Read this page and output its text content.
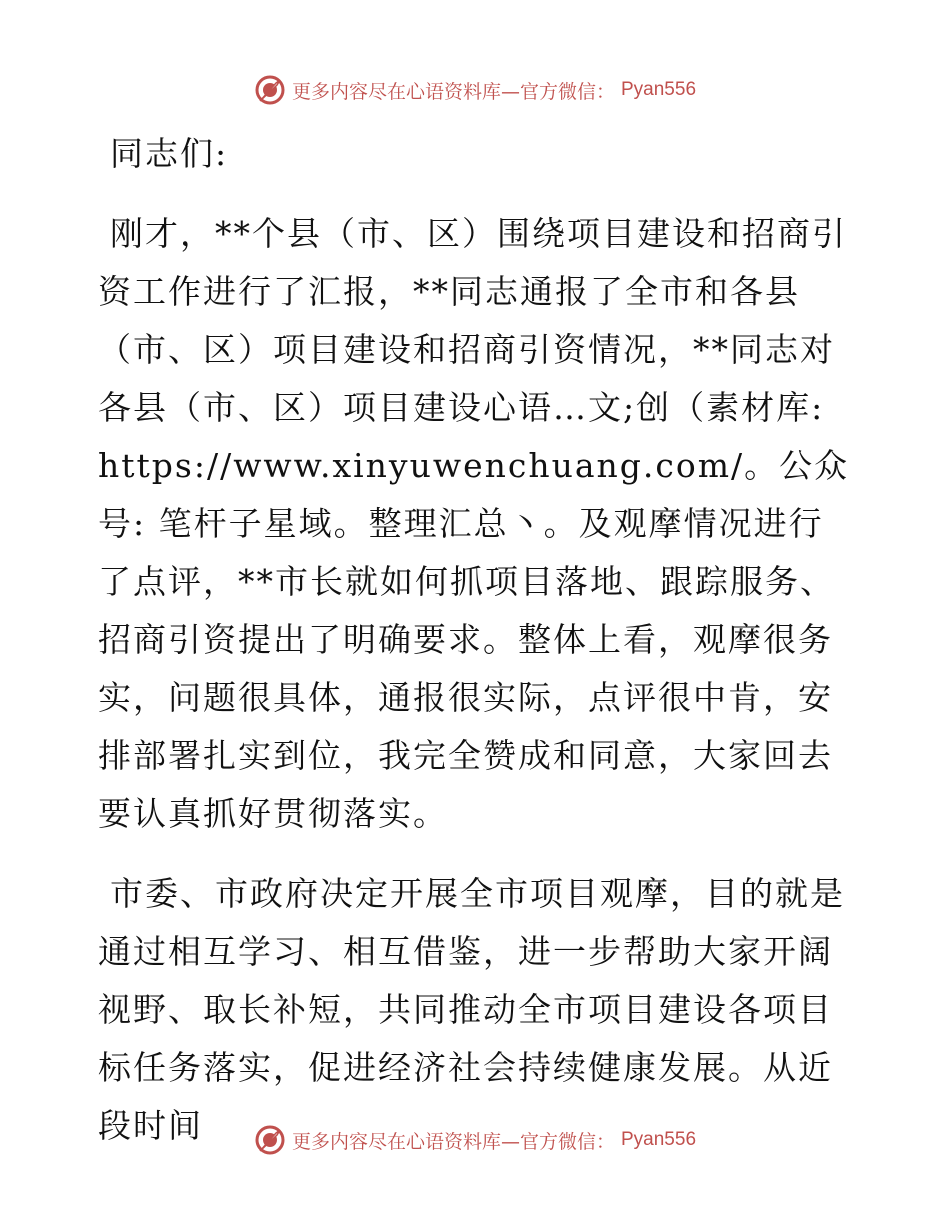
更多内容尽在心语资料库—官方微信： Pyan556

同志们:

刚才，**个县（市、区）围绕项目建设和招商引资工作进行了汇报，**同志通报了全市和各县（市、区）项目建设和招商引资情况，**同志对各县（市、区）项目建设心语…文;创（素材库: https://www.xinyuwenchuang.com/。公众号: 笔杆子星域。整理汇总丶。及观摩情况进行了点评，**市长就如何抓项目落地、跟踪服务、招商引资提出了明确要求。整体上看，观摩很务实，问题很具体，通报很实际，点评很中肯，安排部署扎实到位，我完全赞成和同意，大家回去要认真抓好贯彻落实。

市委、市政府决定开展全市项目观摩，目的就是通过相互学习、相互借鉴，进一步帮助大家开阔视野、取长补短，共同推动全市项目建设各项目标任务落实，促进经济社会持续健康发展。从近段时间	更多内容尽在心语资料库—官方微信： Pyan556
